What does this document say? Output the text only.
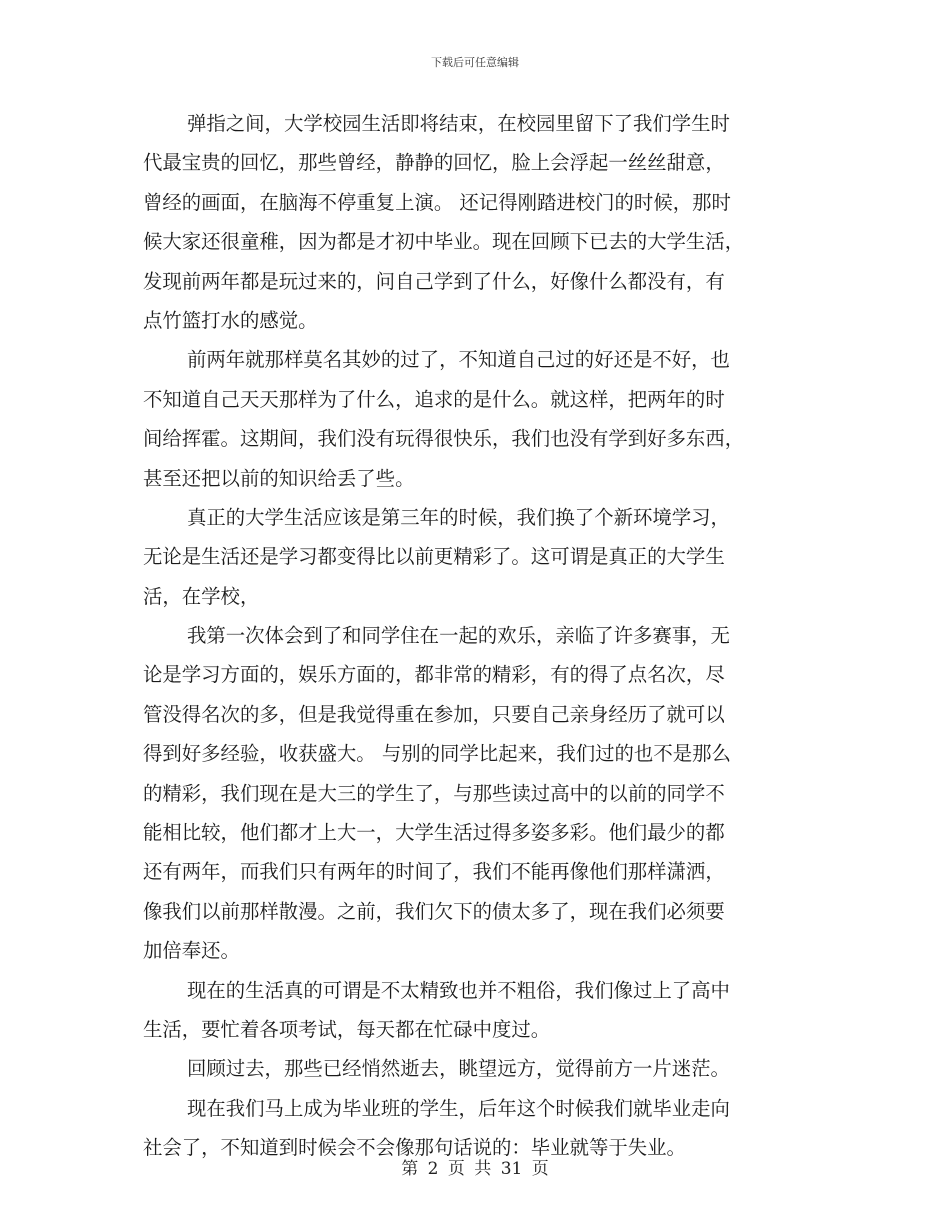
下载后可任意编辑
弹指之间，大学校园生活即将结束，在校园里留下了我们学生时
代最宝贵的回忆，那些曾经，静静的回忆，脸上会浮起一丝丝甜意，
曾经的画面，在脑海不停重复上演。 还记得刚踏进校门的时候，那时
候大家还很童稚，因为都是才初中毕业。现在回顾下已去的大学生活，
发现前两年都是玩过来的，问自己学到了什么，好像什么都没有，有
点竹篮打水的感觉。
前两年就那样莫名其妙的过了，不知道自己过的好还是不好，也
不知道自己天天那样为了什么，追求的是什么。就这样，把两年的时
间给挥霍。这期间，我们没有玩得很快乐，我们也没有学到好多东西，
甚至还把以前的知识给丢了些。
真正的大学生活应该是第三年的时候，我们换了个新环境学习，
无论是生活还是学习都变得比以前更精彩了。这可谓是真正的大学生
活，在学校，
我第一次体会到了和同学住在一起的欢乐，亲临了许多赛事，无
论是学习方面的，娱乐方面的，都非常的精彩，有的得了点名次，尽
管没得名次的多，但是我觉得重在参加，只要自己亲身经历了就可以
得到好多经验，收获盛大。 与别的同学比起来，我们过的也不是那么
的精彩，我们现在是大三的学生了，与那些读过高中的以前的同学不
能相比较，他们都才上大一，大学生活过得多姿多彩。他们最少的都
还有两年，而我们只有两年的时间了，我们不能再像他们那样潇洒，
像我们以前那样散漫。之前，我们欠下的债太多了，现在我们必须要
加倍奉还。
现在的生活真的可谓是不太精致也并不粗俗，我们像过上了高中
生活，要忙着各项考试，每天都在忙碌中度过。
回顾过去，那些已经悄然逝去，眺望远方，觉得前方一片迷茫。
现在我们马上成为毕业班的学生，后年这个时候我们就毕业走向
社会了，不知道到时候会不会像那句话说的：毕业就等于失业。
第 2 页 共 31 页
